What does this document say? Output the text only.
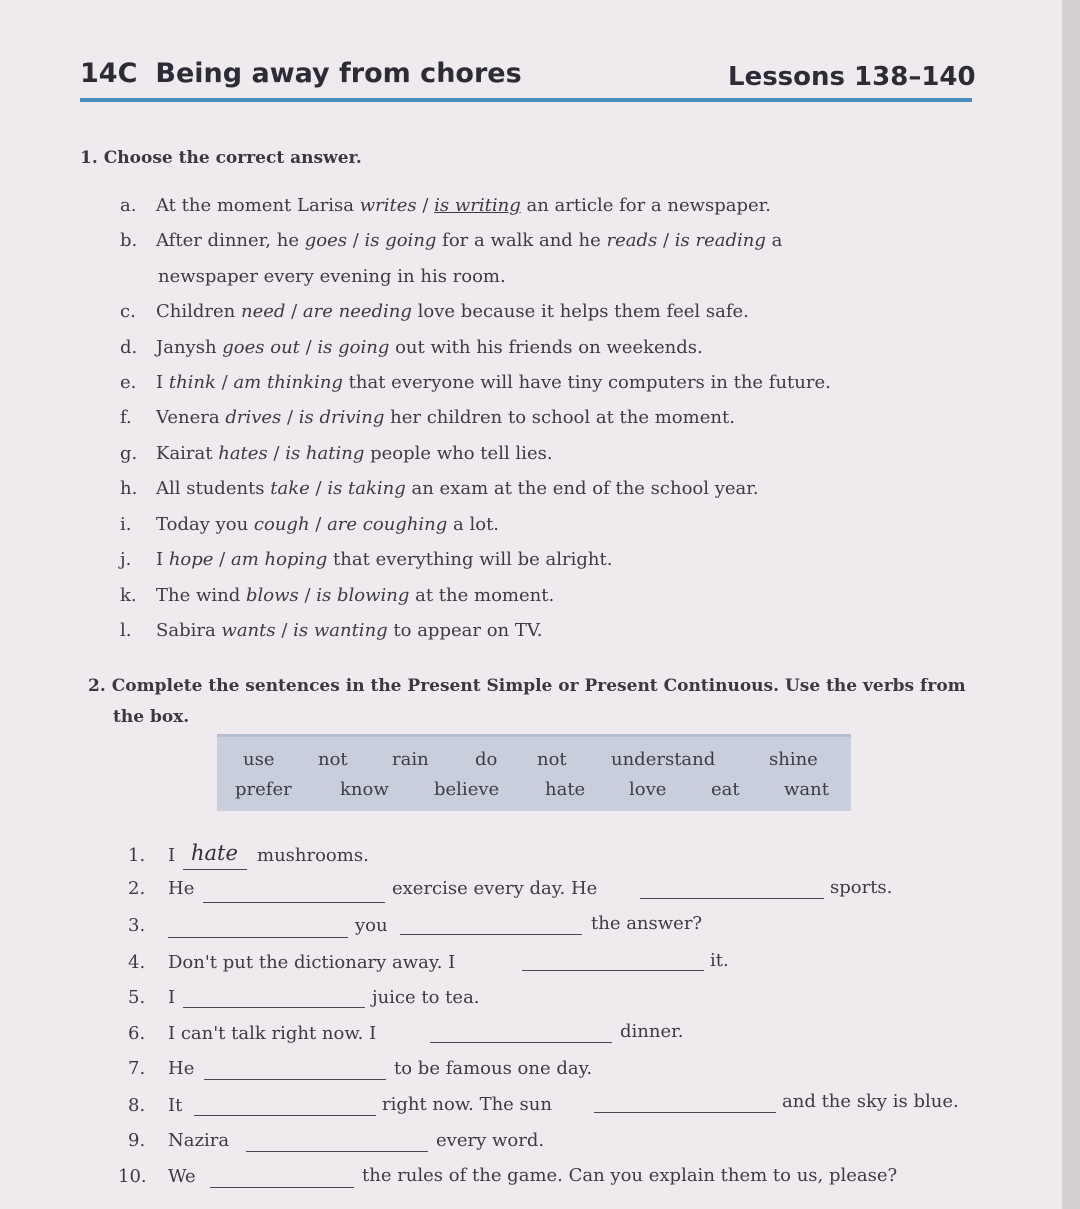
14C Being away from chores	Lessons 138–140
1. Choose the correct answer.
a. At the moment Larisa writes / is writing an article for a newspaper.
b. After dinner, he goes / is going for a walk and he reads / is reading a
newspaper every evening in his room.
c. Children need / are needing love because it helps them feel safe.
d. Janysh goes out / is going out with his friends on weekends.
e. I think / am thinking that everyone will have tiny computers in the future.
f. Venera drives / is driving her children to school at the moment.
g. Kairat hates / is hating people who tell lies.
h. All students take / is taking an exam at the end of the school year.
i. Today you cough / are coughing a lot.
j. I hope / am hoping that everything will be alright.
k. The wind blows / is blowing at the moment.
l. Sabira wants / is wanting to appear on TV.
2. Complete the sentences in the Present Simple or Present Continuous. Use the verbs from
the box.
use not rain	do not understand	shine
prefer	know	believe	hate love eat want
1. I hate mushrooms.
2. He	exercise every day. He	sports.
3.	you	the answer?
4. Don't put the dictionary away. I	it.
5. I	juice to tea.
6. I can't talk right now. I	dinner.
7. He	to be famous one day.
8. It	right now. The sun	and the sky is blue.
9. Nazira	every word.
10. We	the rules of the game. Can you explain them to us, please?
